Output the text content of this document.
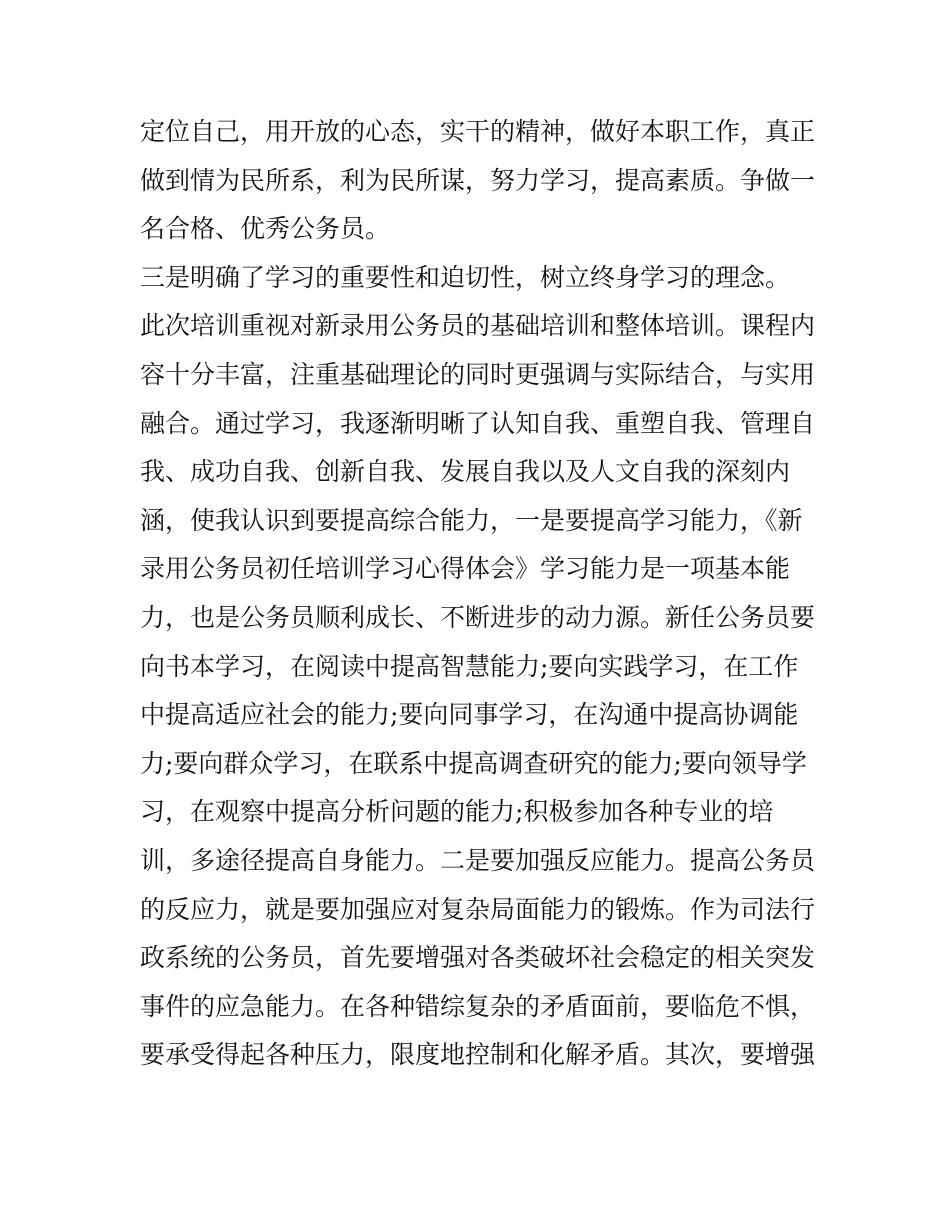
定位自己，用开放的心态，实干的精神，做好本职工作，真正
做到情为民所系，利为民所谋，努力学习，提高素质。争做一
名合格、优秀公务员。
三是明确了学习的重要性和迫切性，树立终身学习的理念。
此次培训重视对新录用公务员的基础培训和整体培训。课程内
容十分丰富，注重基础理论的同时更强调与实际结合，与实用
融合。通过学习，我逐渐明晰了认知自我、重塑自我、管理自
我、成功自我、创新自我、发展自我以及人文自我的深刻内
涵，使我认识到要提高综合能力，一是要提高学习能力，《新
录用公务员初任培训学习心得体会》学习能力是一项基本能
力，也是公务员顺利成长、不断进步的动力源。新任公务员要
向书本学习，在阅读中提高智慧能力;要向实践学习，在工作
中提高适应社会的能力;要向同事学习，在沟通中提高协调能
力;要向群众学习，在联系中提高调查研究的能力;要向领导学
习，在观察中提高分析问题的能力;积极参加各种专业的培
训，多途径提高自身能力。二是要加强反应能力。提高公务员
的反应力，就是要加强应对复杂局面能力的锻炼。作为司法行
政系统的公务员，首先要增强对各类破坏社会稳定的相关突发
事件的应急能力。在各种错综复杂的矛盾面前，要临危不惧，
要承受得起各种压力，限度地控制和化解矛盾。其次，要增强
